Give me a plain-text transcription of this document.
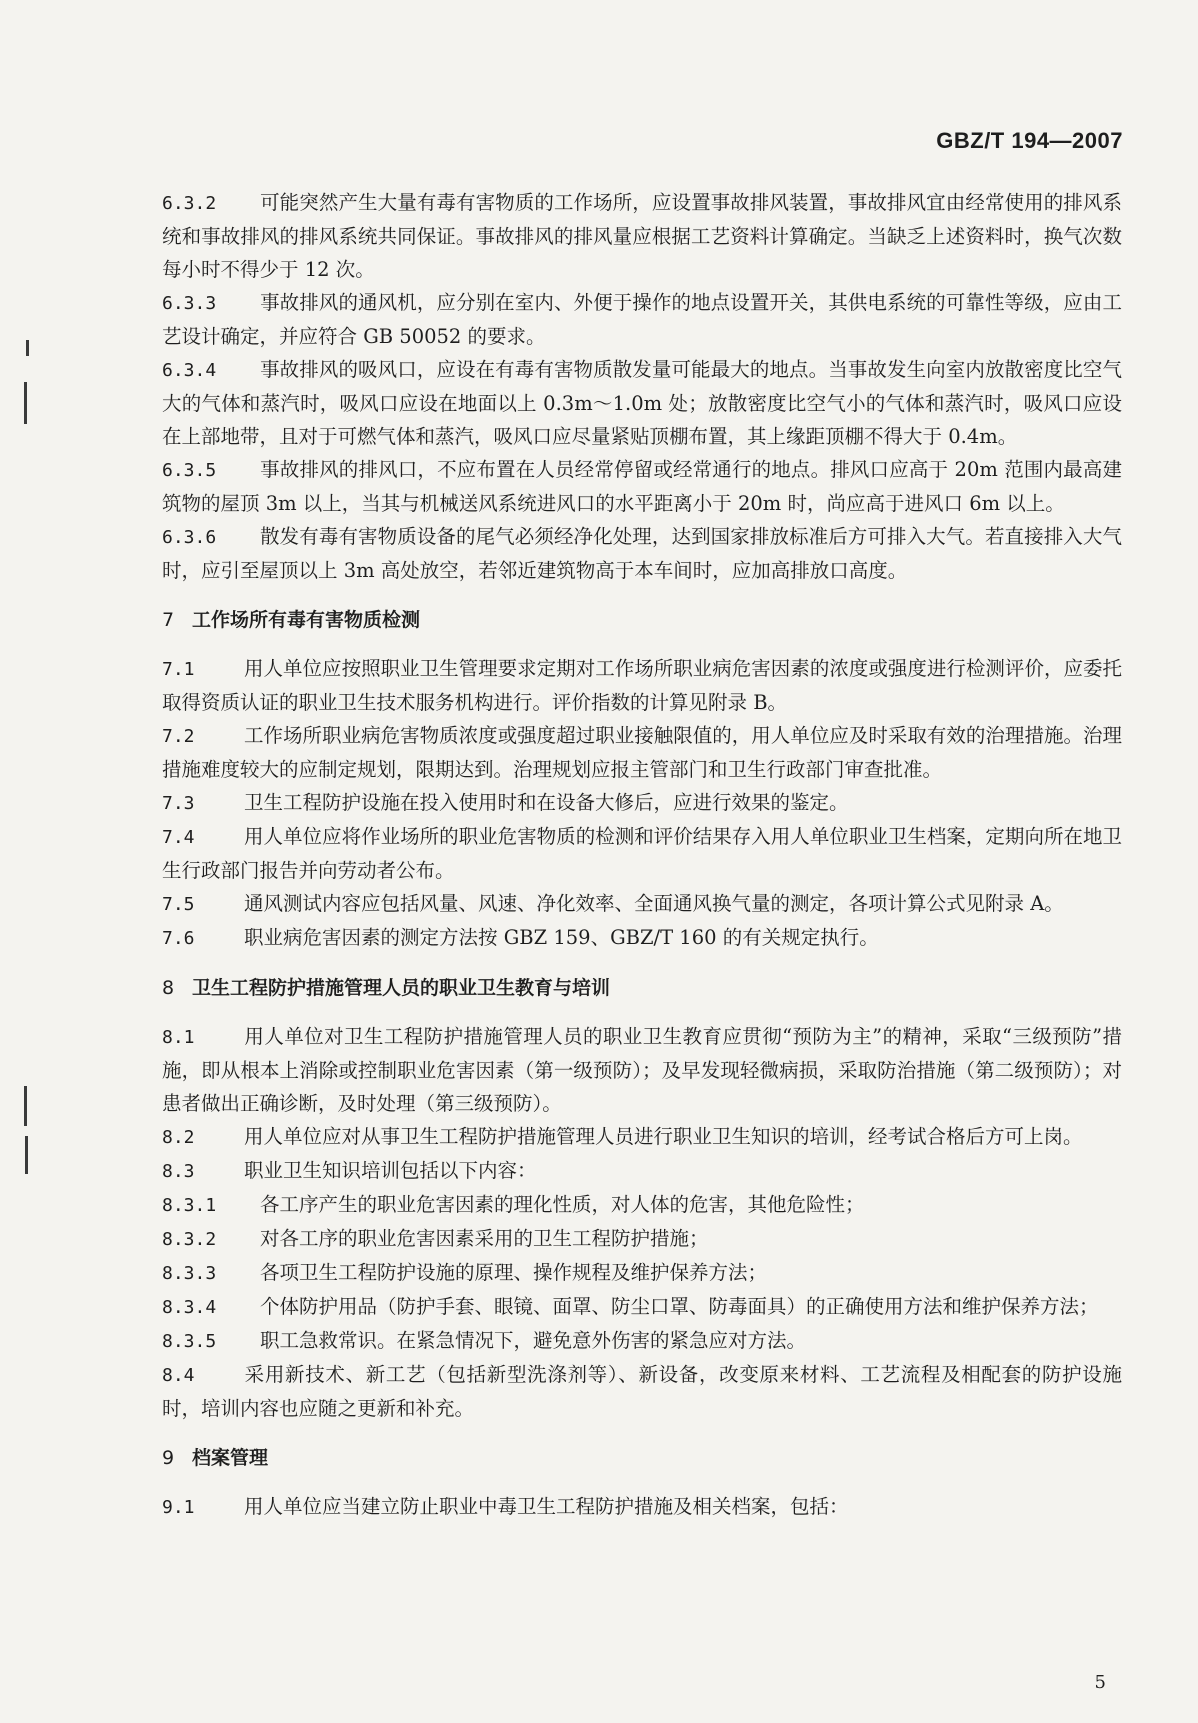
GBZ/T 194—2007

6.3.2 可能突然产生大量有毒有害物质的工作场所，应设置事故排风装置，事故排风宜由经常使用的排风系统和事故排风的排风系统共同保证。事故排风的排风量应根据工艺资料计算确定。当缺乏上述资料时，换气次数每小时不得少于 12 次。

6.3.3 事故排风的通风机，应分别在室内、外便于操作的地点设置开关，其供电系统的可靠性等级，应由工艺设计确定，并应符合 GB 50052 的要求。

6.3.4 事故排风的吸风口，应设在有毒有害物质散发量可能最大的地点。当事故发生向室内放散密度比空气大的气体和蒸汽时，吸风口应设在地面以上 0.3m～1.0m 处；放散密度比空气小的气体和蒸汽时，吸风口应设在上部地带，且对于可燃气体和蒸汽，吸风口应尽量紧贴顶棚布置，其上缘距顶棚不得大于 0.4m。

6.3.5 事故排风的排风口，不应布置在人员经常停留或经常通行的地点。排风口应高于 20m 范围内最高建筑物的屋顶 3m 以上，当其与机械送风系统进风口的水平距离小于 20m 时，尚应高于进风口 6m 以上。

6.3.6 散发有毒有害物质设备的尾气必须经净化处理，达到国家排放标准后方可排入大气。若直接排入大气时，应引至屋顶以上 3m 高处放空，若邻近建筑物高于本车间时，应加高排放口高度。

7 工作场所有毒有害物质检测

7.1	用人单位应按照职业卫生管理要求定期对工作场所职业病危害因素的浓度或强度进行检测评价，应委托取得资质认证的职业卫生技术服务机构进行。评价指数的计算见附录 B。

7.2	工作场所职业病危害物质浓度或强度超过职业接触限值的，用人单位应及时采取有效的治理措施。治理措施难度较大的应制定规划，限期达到。治理规划应报主管部门和卫生行政部门审查批准。

7.3	卫生工程防护设施在投入使用时和在设备大修后，应进行效果的鉴定。

7.4	用人单位应将作业场所的职业危害物质的检测和评价结果存入用人单位职业卫生档案，定期向所在地卫生行政部门报告并向劳动者公布。

7.5	通风测试内容应包括风量、风速、净化效率、全面通风换气量的测定，各项计算公式见附录 A。

7.6	职业病危害因素的测定方法按 GBZ 159、GBZ/T 160 的有关规定执行。

8 卫生工程防护措施管理人员的职业卫生教育与培训

8.1	用人单位对卫生工程防护措施管理人员的职业卫生教育应贯彻“预防为主”的精神，采取“三级预防”措施，即从根本上消除或控制职业危害因素（第一级预防）；及早发现轻微病损，采取防治措施（第二级预防）；对患者做出正确诊断，及时处理（第三级预防）。

8.2	用人单位应对从事卫生工程防护措施管理人员进行职业卫生知识的培训，经考试合格后方可上岗。

8.3	职业卫生知识培训包括以下内容：

8.3.1 各工序产生的职业危害因素的理化性质，对人体的危害，其他危险性；

8.3.2 对各工序的职业危害因素采用的卫生工程防护措施；

8.3.3 各项卫生工程防护设施的原理、操作规程及维护保养方法；

8.3.4 个体防护用品（防护手套、眼镜、面罩、防尘口罩、防毒面具）的正确使用方法和维护保养方法；

8.3.5 职工急救常识。在紧急情况下，避免意外伤害的紧急应对方法。

8.4	采用新技术、新工艺（包括新型洗涤剂等）、新设备，改变原来材料、工艺流程及相配套的防护设施时，培训内容也应随之更新和补充。

9 档案管理

9.1	用人单位应当建立防止职业中毒卫生工程防护措施及相关档案，包括：

5
